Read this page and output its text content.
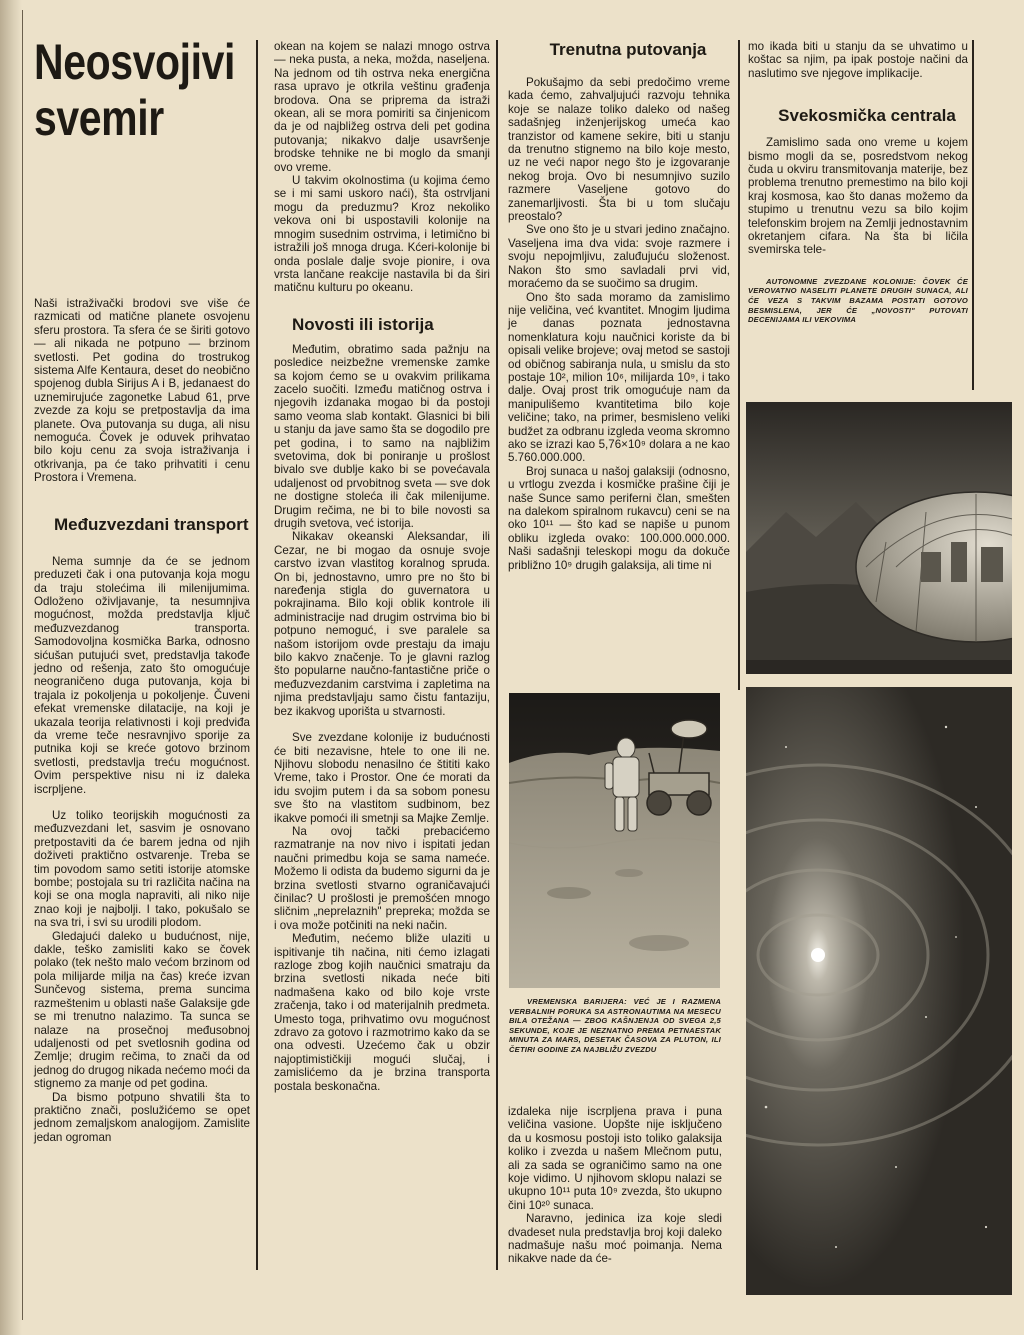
Neosvojivi svemir

Naši istraživački brodovi sve više će razmicati od matične planete osvojenu sferu prostora. Ta sfera će se širiti gotovo — ali nikada ne potpuno — brzinom svetlosti. Pet godina do trostrukog sistema Alfe Kentaura, deset do neobično spojenog dubla Sirijus A i B, jedanaest do uznemirujuće zagonetke Labud 61, prve zvezde za koju se pretpostavlja da ima planete. Ova putovanja su duga, ali nisu nemoguća. Čovek je oduvek prihvatao bilo koju cenu za svoja istraživanja i otkrivanja, pa će tako prihvatiti i cenu Prostora i Vremena.

Međuzvezdani transport

Nema sumnje da će se jednom preduzeti čak i ona putovanja koja mogu da traju stolećima ili milenijumima. Odloženo oživljavanje, ta nesumnjiva mogućnost, možda predstavlja ključ međuzvezdanog transporta. Samodovoljna kosmička Barka, odnosno sićušan putujući svet, predstavlja takođe jedno od rešenja, zato što omogućuje neograničeno duga putovanja, koja bi trajala iz pokoljenja u pokoljenje. Čuveni efekat vremenske dilatacije, na koji je ukazala teorija relativnosti i koji predviđa da vreme teče nesravnjivo sporije za putnika koji se kreće gotovo brzinom svetlosti, predstavlja treću mogućnost. Ovim perspektive nisu ni iz daleka iscrpljene.

Uz toliko teorijskih mogućnosti za međuzvezdani let, sasvim je osnovano pretpostaviti da će barem jedna od njih doživeti praktično ostvarenje. Treba se tim povodom samo setiti istorije atomske bombe; postojala su tri različita načina na koji se ona mogla napraviti, ali niko nije znao koji je najbolji. I tako, pokušalo se na sva tri, i svi su urodili plodom.

Gledajući daleko u budućnost, nije, dakle, teško zamisliti kako se čovek polako (tek nešto malo većom brzinom od pola milijarde milja na čas) kreće izvan Sunčevog sistema, prema suncima razmeštenim u oblasti naše Galaksije gde se mi trenutno nalazimo. Ta sunca se nalaze na prosečnoj međusobnoj udaljenosti od pet svetlosnih godina od Zemlje; drugim rečima, to znači da od jednog do drugog nikada nećemo moći da stignemo za manje od pet godina.

Da bismo potpuno shvatili šta to praktično znači, poslužićemo se opet jednom zemaljskom analogijom. Zamislite jedan ogroman

okean na kojem se nalazi mnogo ostrva — neka pusta, a neka, možda, naseljena. Na jednom od tih ostrva neka energična rasa upravo je otkrila veštinu građenja brodova. Ona se priprema da istraži okean, ali se mora pomiriti sa činjenicom da je od najbližeg ostrva deli pet godina putovanja; nikakvo dalje usavršenje brodske tehnike ne bi moglo da smanji ovo vreme.

U takvim okolnostima (u kojima ćemo se i mi sami uskoro naći), šta ostrvljani mogu da preduzmu? Kroz nekoliko vekova oni bi uspostavili kolonije na mnogim susednim ostrvima, i letimično bi istražili još mnoga druga. Kćeri-kolonije bi onda poslale dalje svoje pionire, i ova vrsta lančane reakcije nastavila bi da širi matičnu kulturu po okeanu.

Novosti ili istorija

Međutim, obratimo sada pažnju na posledice neizbežne vremenske zamke sa kojom ćemo se u ovakvim prilikama zacelo suočiti. Između matičnog ostrva i njegovih izdanaka mogao bi da postoji samo veoma slab kontakt. Glasnici bi bili u stanju da jave samo šta se dogodilo pre pet godina, i to samo na najbližim svetovima, dok bi poniranje u prošlost bivalo sve dublje kako bi se povećavala udaljenost od prvobitnog sveta — sve dok ne dostigne stoleća ili čak milenijume. Drugim rečima, ne bi to bile novosti sa drugih svetova, već istorija.

Nikakav okeanski Aleksandar, ili Cezar, ne bi mogao da osnuje svoje carstvo izvan vlastitog koralnog sprudа. On bi, jednostavno, umro pre no što bi naređenja stigla do guvernatora u pokrajinama. Bilo koji oblik kontrole ili administracije nad drugim ostrvima bio bi potpuno nemoguć, i sve paralele sa našom istorijom ovde prestaju da imaju bilo kakvo značenje. To je glavni razlog što popularne naučno-fantastične priče o međuzvezdanim carstvima i zapletima na njima predstavljaju samo čistu fantaziju, bez ikakvog uporišta u stvarnosti.

Sve zvezdane kolonije iz budućnosti će biti nezavisne, htele to one ili ne. Njihovu slobodu nenasilno će štititi kako Vreme, tako i Prostor. One će morati da idu svojim putem i da sa sobom ponesu sve što na vlastitom sudbinom, bez ikakve pomoći ili smetnji sa Majke Zemlje.

Na ovoj tački prebacićemo razmatranje na nov nivo i ispitati jedan naučni primedbu koja se sama nameće. Možemo li odista da budemo sigurni da je brzina svetlosti stvarno ograničavajući činilac? U prošlosti je premošćen mnogo sličnim „neprelaznih" prepreka; možda se i ova može potčiniti na neki način.

Međutim, nećemo bliže ulaziti u ispitivanje tih načina, niti ćemo izlagati razloge zbog kojih naučnici smatraju da brzina svetlosti nikada neće biti nadmašena kako od bilo koje vrste zračenja, tako i od materijalnih predmeta. Umesto toga, prihvatimo ovu mogućnost zdravo za gotovo i razmotrimo kako da se ona odvesti. Uzećemo čak u obzir najoptimističkiji mogući slučaj, i zamislićemo da je brzina transporta postala beskonačna.

Trenutna putovanja

Pokušajmo da sebi predočimo vreme kada ćemo, zahvaljujući razvoju tehnika koje se nalaze toliko daleko od našeg sadašnjeg inženjerijskog umeća kao tranzistor od kamene sekire, biti u stanju da trenutno stignemo na bilo koje mesto, uz ne veći napor nego što je izgovaranje nekog broja. Ovo bi nesumnjivo suzilo razmere Vaseljene gotovo do zanemarljivosti. Šta bi u tom slučaju preostalo?

Sve ono što je u stvari jedino značajno. Vaseljena ima dva vida: svoje razmere i svoju nepojmljivu, zaluđujuću složenost. Nakon što smo savladali prvi vid, moraćemo da se suočimo sa drugim.

Ono što sada moramo da zamislimo nije veličina, već kvantitet. Mnogim ljudima je danas poznata jednostavna nomenklatura koju naučnici koriste da bi opisali velike brojeve; ovaj metod se sastoji od običnog sabiranja nula, u smislu da sto postaje 10², milion 10⁶, milijarda 10⁹, i tako dalje. Ovaj prost trik omogućuje nam da manipulišemo kvantitetima bilo koje veličine; tako, na primer, besmisleno veliki budžet za odbranu izgleda veoma skromno ako se izrazi kao 5,76×10⁹ dolara a ne kao 5.760.000.000.

Broj sunaca u našoj galaksiji (odnosno, u vrtlogu zvezda i kosmičke prašine čiji je naše Sunce samo periferni član, smešten na dalekom spiralnom rukavcu) ceni se na oko 10¹¹ — što kad se napiše u punom obliku izgleda ovako: 100.000.000.000. Naši sadašnji teleskopi mogu da dokuče približno 10⁹ drugih galaksija, ali time ni

VREMENSKA BARIJERA: VEĆ JE I RAZMENA VERBALNIH PORUKA SA ASTRONAUTIMA NA MESECU BILA OTEŽANA — ZBOG KAŠNJENJA OD SVEGA 2,5 SEKUNDE, KOJE JE NEZNATNO PREMA PETNAESTAK MINUTA ZA MARS, DESETAK ČASOVA ZA PLUTON, ILI ČETIRI GODINE ZA NAJBLIŽU ZVEZDU

izdaleka nije iscrpljena prava i puna veličina vasione. Uopšte nije isključeno da u kosmosu postoji isto toliko galaksija koliko i zvezda u našem Mlečnom putu, ali za sada se ograničimo samo na one koje vidimo. U njihovom sklopu nalazi se ukupno 10¹¹ puta 10⁹ zvezda, što ukupno čini 10²⁰ sunaca.

Naravno, jedinica iza koje sledi dvadeset nula predstavlja broj koji daleko nadmašuje našu moć poimanja. Nema nikakve nade da će-

mo ikada biti u stanju da se uhvatimo u koštac sa njim, pa ipak postoje načini da naslutimo sve njegove implikacije.

Svekosmička centrala

Zamislimo sada ono vreme u kojem bismo mogli da se, posredstvom nekog čuda u okviru transmitovanja materije, bez problema trenutno premestimo na bilo koji kraj kosmosa, kao što danas možemo da stupimo u trenutnu vezu sa bilo kojim telefonskim brojem na Zemlji jednostavnim okretanjem cifara. Na šta bi ličila svemirska tele-

AUTONOMNE ZVEZDANE KOLONIJE: ČOVEK ĆE VEROVATNO NASELITI PLANETE DRUGIH SUNACA, ALI ĆE VEZA S TAKVIM BAZAMA POSTATI GOTOVO BESMISLENA, JER ĆE „NOVOSTI" PUTOVATI DECENIJAMA ILI VEKOVIMA
